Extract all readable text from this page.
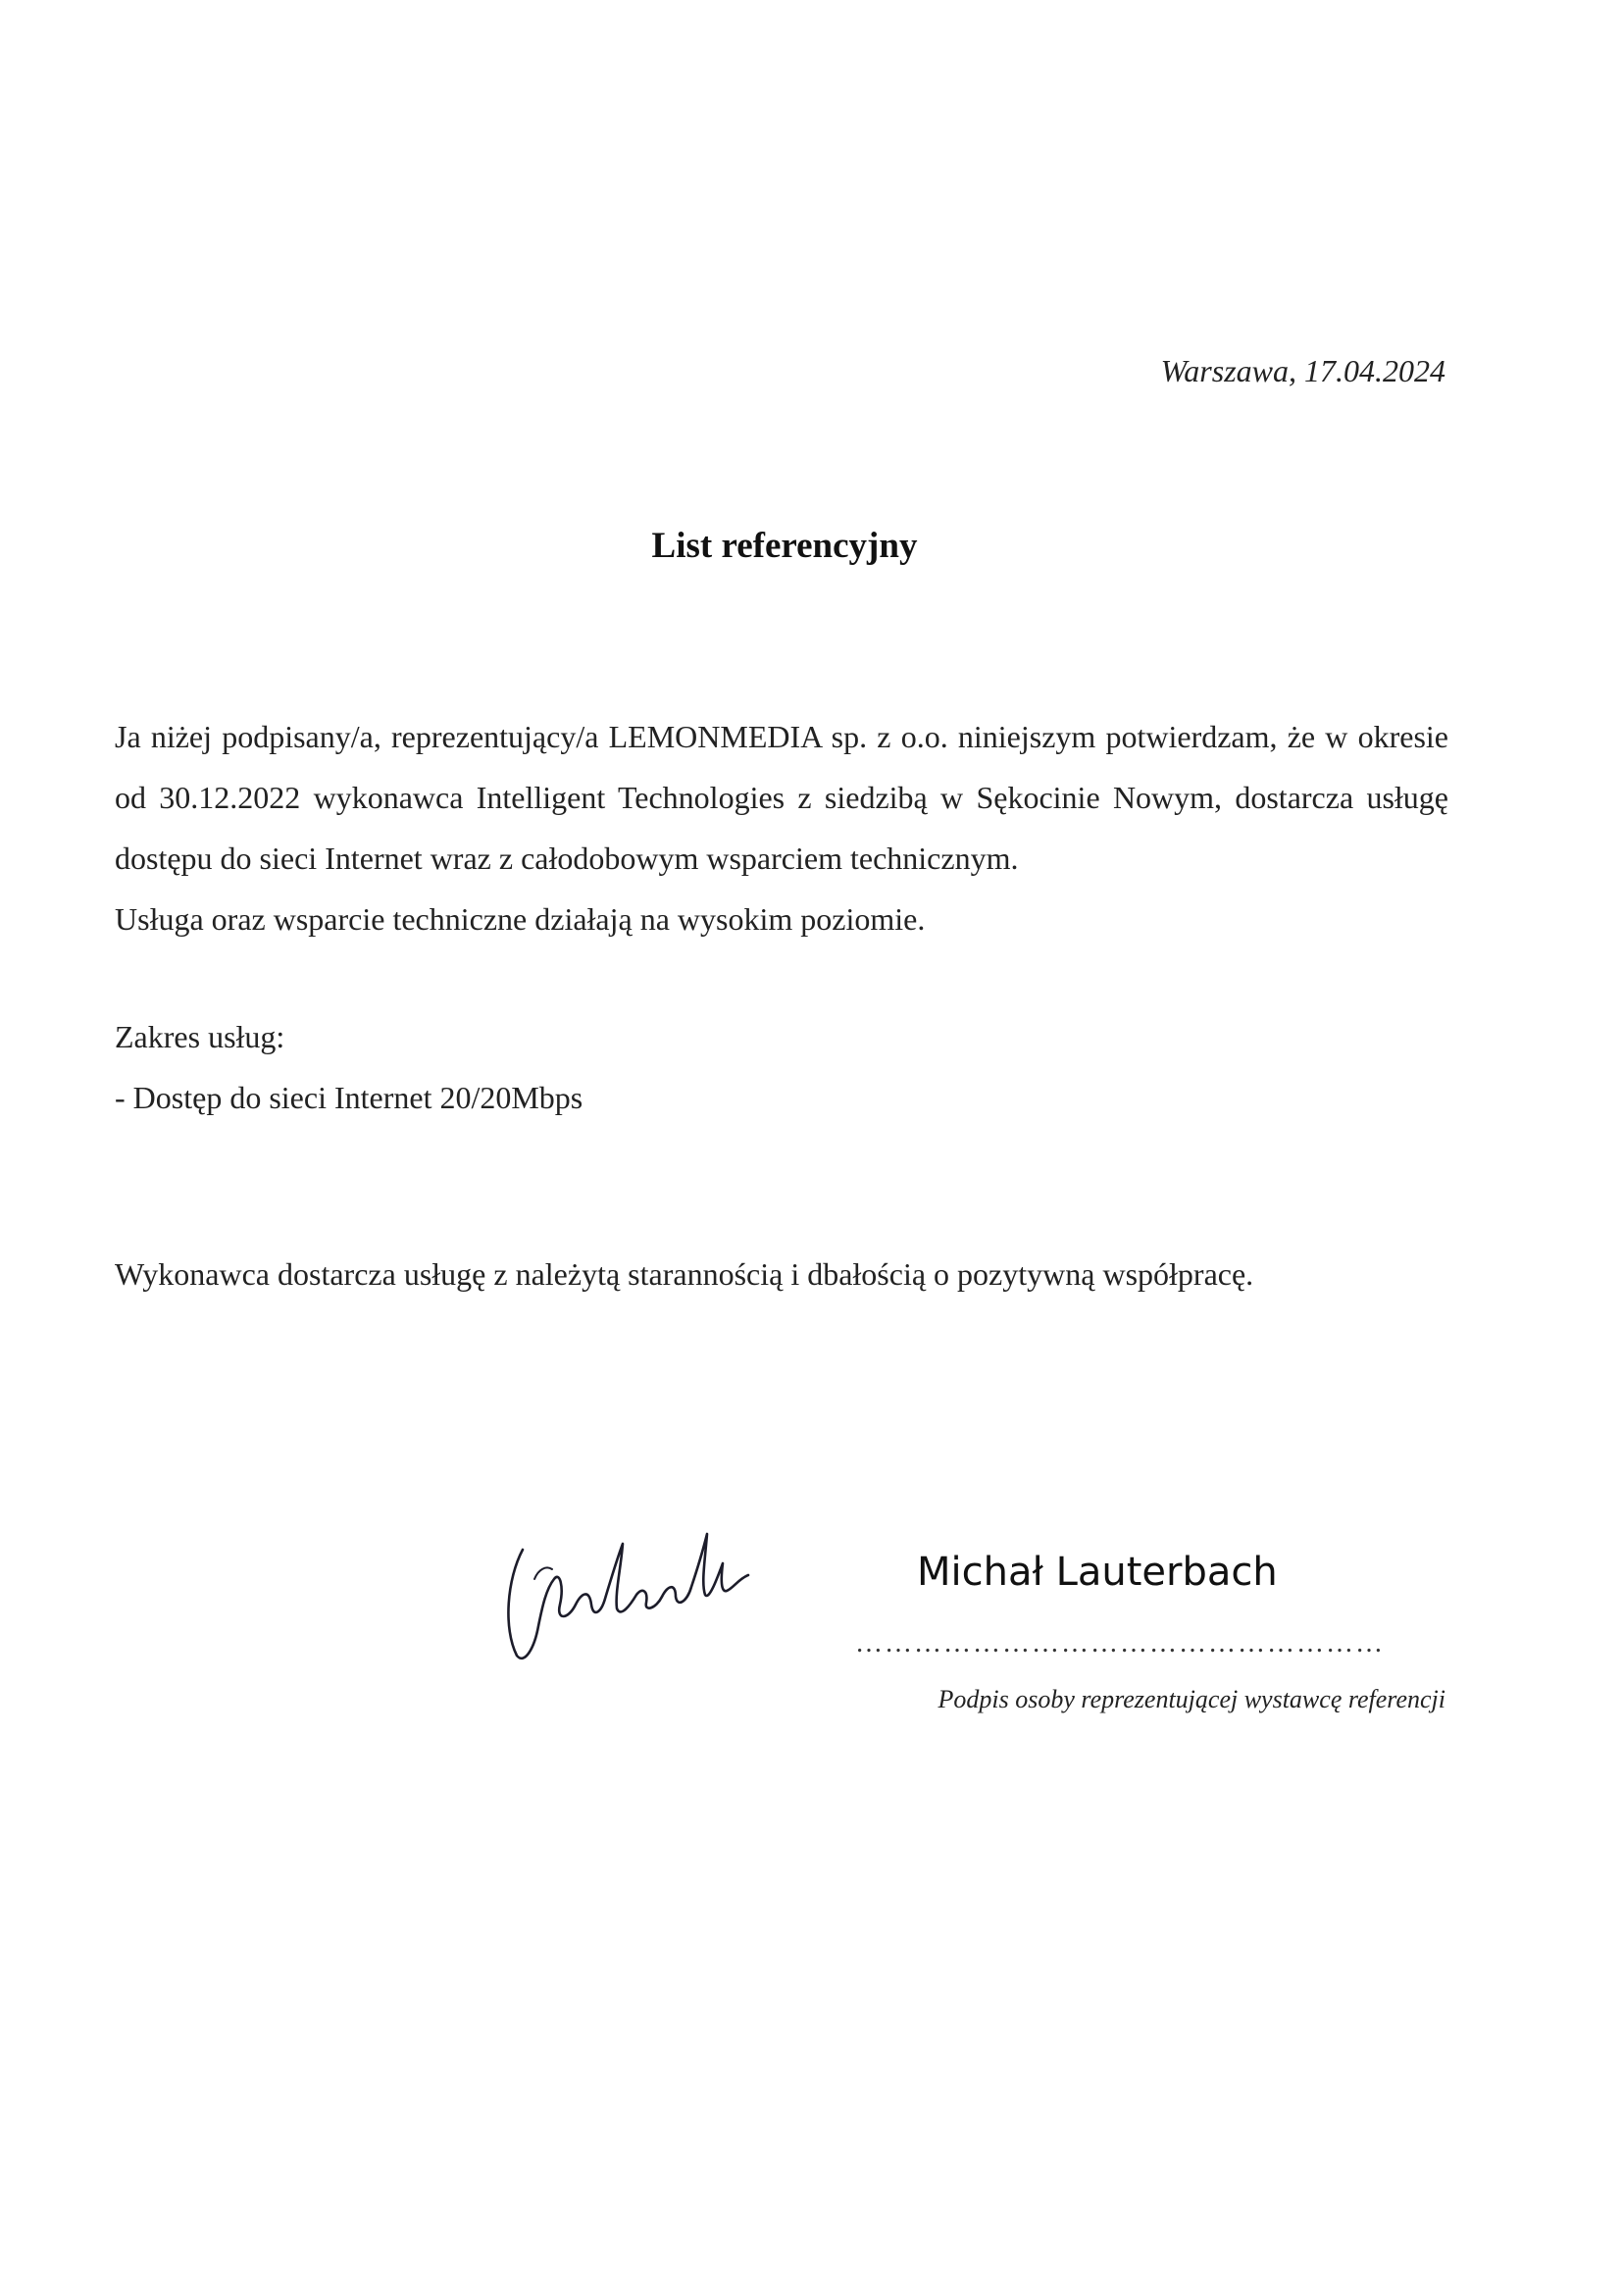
Warszawa, 17.04.2024
List referencyjny

Ja niżej podpisany/a, reprezentujący/a LEMONMEDIA sp. z o.o. niniejszym potwierdzam, że w okresie od 30.12.2022 wykonawca Intelligent Technologies z siedzibą w Sękocinie Nowym, dostarcza usługę dostępu do sieci Internet wraz z całodobowym wsparciem technicznym.

Usługa oraz wsparcie techniczne działają na wysokim poziomie.

Zakres usług:

- Dostęp do sieci Internet 20/20Mbps

Wykonawca dostarcza usługę z należytą starannością i dbałością o pozytywną współpracę.

Michał Lauterbach
………………………………………………
Podpis osoby reprezentującej wystawcę referencji
